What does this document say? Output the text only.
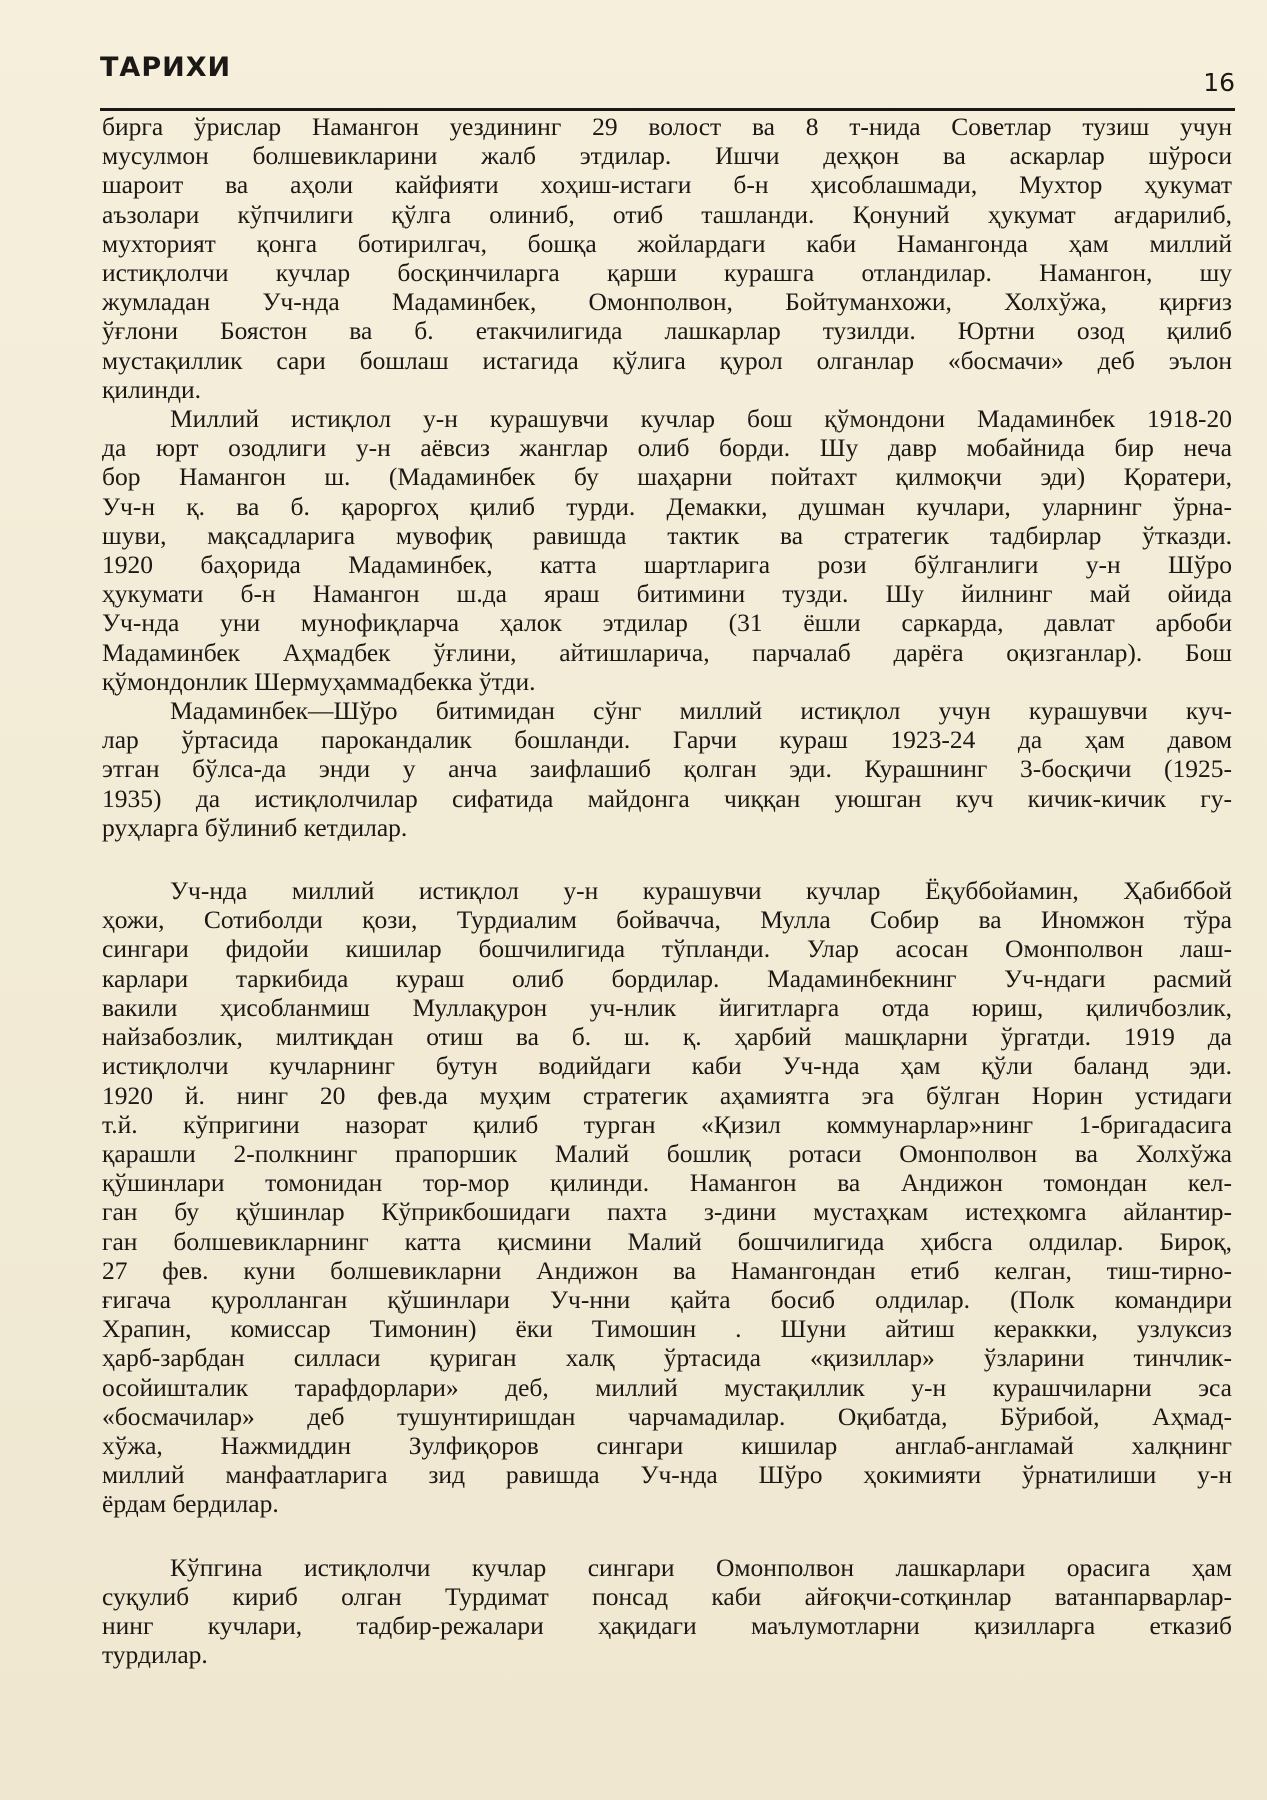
ТАРИХИ	16
бирга ўрислар Намангон уездининг 29 волост ва 8 т-нида Советлар тузиш учун
мусулмон болшевикларини жалб этдилар. Ишчи деҳқон ва аскарлар шўроси
шароит ва аҳоли кайфияти хоҳиш-истаги б-н ҳисоблашмади, Мухтор ҳукумат
аъзолари кўпчилиги қўлга олиниб, отиб ташланди. Қонуний ҳукумат ағдарилиб,
мухторият қонга ботирилгач, бошқа жойлардаги каби Намангонда ҳам миллий
истиқлолчи кучлар босқинчиларга қарши курашга отландилар. Намангон, шу
жумладан Уч-нда Мадаминбек, Омонполвон, Бойтуманхожи, Холхўжа, қирғиз
ўғлони Боястон ва б. етакчилигида лашкарлар тузилди. Юртни озод қилиб
мустақиллик сари бошлаш истагида қўлига қурол олганлар «босмачи» деб эълон
қилинди.
Миллий истиқлол у-н курашувчи кучлар бош қўмондони Мадаминбек 1918-20
да юрт озодлиги у-н аёвсиз жанглар олиб борди. Шу давр мобайнида бир неча
бор Намангон ш. (Мадаминбек бу шаҳарни пойтахт қилмоқчи эди) Қоратери,
Уч-н қ. ва б. қароргоҳ қилиб турди. Демакки, душман кучлари, уларнинг ўрна-
шуви, мақсадларига мувофиқ равишда тактик ва стратегик тадбирлар ўтказди.
1920 баҳорида Мадаминбек, катта шартларига рози бўлганлиги у-н Шўро
ҳукумати б-н Намангон ш.да яраш битимини тузди. Шу йилнинг май ойида
Уч-нда уни мунофиқларча ҳалок этдилар (31 ёшли саркарда, давлат арбоби
Мадаминбек Аҳмадбек ўғлини, айтишларича, парчалаб дарёга оқизганлар). Бош
қўмондонлик Шермуҳаммадбекка ўтди.
Мадаминбек—Шўро битимидан сўнг миллий истиқлол учун курашувчи куч-
лар ўртасида парокандалик бошланди. Гарчи кураш 1923-24 да ҳам давом
этган бўлса-да энди у анча заифлашиб қолган эди. Курашнинг 3-босқичи (1925-
1935) да истиқлолчилар сифатида майдонга чиққан уюшган куч кичик-кичик гу-
руҳларга бўлиниб кетдилар.
Уч-нда миллий истиқлол у-н курашувчи кучлар Ёқуббойамин, Ҳабиббой
ҳожи, Сотиболди қози, Турдиалим бойвачча, Мулла Собир ва Иномжон тўра
сингари фидойи кишилар бошчилигида тўпланди. Улар асосан Омонполвон лаш-
карлари таркибида кураш олиб бордилар. Мадаминбекнинг Уч-ндаги расмий
вакили ҳисобланмиш Муллақурон уч-нлик йигитларга отда юриш, қиличбозлик,
найзабозлик, милтиқдан отиш ва б. ш. қ. ҳарбий машқларни ўргатди. 1919 да
истиқлолчи кучларнинг бутун водийдаги каби Уч-нда ҳам қўли баланд эди.
1920 й. нинг 20 фев.да муҳим стратегик аҳамиятга эга бўлган Норин устидаги
т.й. кўпригини назорат қилиб турган «Қизил коммунарлар»нинг 1-бригадасига
қарашли 2-полкнинг прапоршик Малий бошлиқ ротаси Омонполвон ва Холхўжа
қўшинлари томонидан тор-мор қилинди. Намангон ва Андижон томондан кел-
ган бу қўшинлар Кўприкбошидаги пахта з-дини мустаҳкам истеҳкомга айлантир-
ган болшевикларнинг катта қисмини Малий бошчилигида ҳибсга олдилар. Бироқ,
27 фев. куни болшевикларни Андижон ва Намангондан етиб келган, тиш-тирно-
ғигача қуролланган қўшинлари Уч-нни қайта босиб олдилар. (Полк командири
Храпин, комиссар Тимонин) ёки Тимошин . Шуни айтиш кераккки, узлуксиз
ҳарб-зарбдан силласи қуриган халқ ўртасида «қизиллар» ўзларини тинчлик-
осойишталик тарафдорлари» деб, миллий мустақиллик у-н курашчиларни эса
«босмачилар» деб тушунтиришдан чарчамадилар. Оқибатда, Бўрибой, Аҳмад-
хўжа, Нажмиддин Зулфиқоров сингари кишилар англаб-англамай халқнинг
миллий манфаатларига зид равишда Уч-нда Шўро ҳокимияти ўрнатилиши у-н
ёрдам бердилар.
Кўпгина истиқлолчи кучлар сингари Омонполвон лашкарлари орасига ҳам
суқулиб кириб олган Турдимат понсад каби айғоқчи-сотқинлар ватанпарварлар-
нинг кучлари, тадбир-режалари ҳақидаги маълумотларни қизилларга етказиб
турдилар.
